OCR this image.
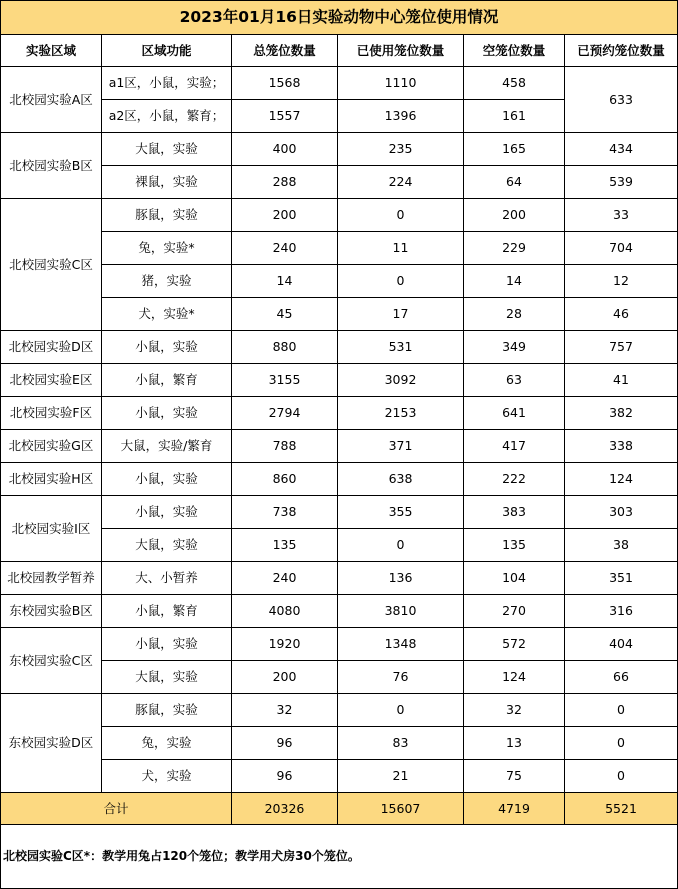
2023年01月16日实验动物中心笼位使用情况					
实验区域	区域功能	总笼位数量	已使用笼位数量	空笼位数量	已预约笼位数量
北校园实验A区	a1区，小鼠，实验；	1568	1110	458	633
	a2区，小鼠，繁育；	1557	1396	161	
北校园实验B区	大鼠，实验	400	235	165	434
	裸鼠，实验	288	224	64	539
北校园实验C区	豚鼠，实验	200	0	200	33
	兔，实验*	240	11	229	704
	猪，实验	14	0	14	12
	犬，实验*	45	17	28	46
北校园实验D区	小鼠，实验	880	531	349	757
北校园实验E区	小鼠，繁育	3155	3092	63	41
北校园实验F区	小鼠，实验	2794	2153	641	382
北校园实验G区	大鼠，实验/繁育	788	371	417	338
北校园实验H区	小鼠，实验	860	638	222	124
北校园实验I区	小鼠，实验	738	355	383	303
	大鼠，实验	135	0	135	38
北校园教学暂养	大、小暂养	240	136	104	351
东校园实验B区	小鼠，繁育	4080	3810	270	316
东校园实验C区	小鼠，实验	1920	1348	572	404
	大鼠，实验	200	76	124	66
东校园实验D区	豚鼠，实验	32	0	32	0
	兔，实验	96	83	13	0
	犬，实验	96	21	75	0
合计		20326	15607	4719	5521
北校园实验C区*：教学用兔占120个笼位；教学用犬房30个笼位。					
